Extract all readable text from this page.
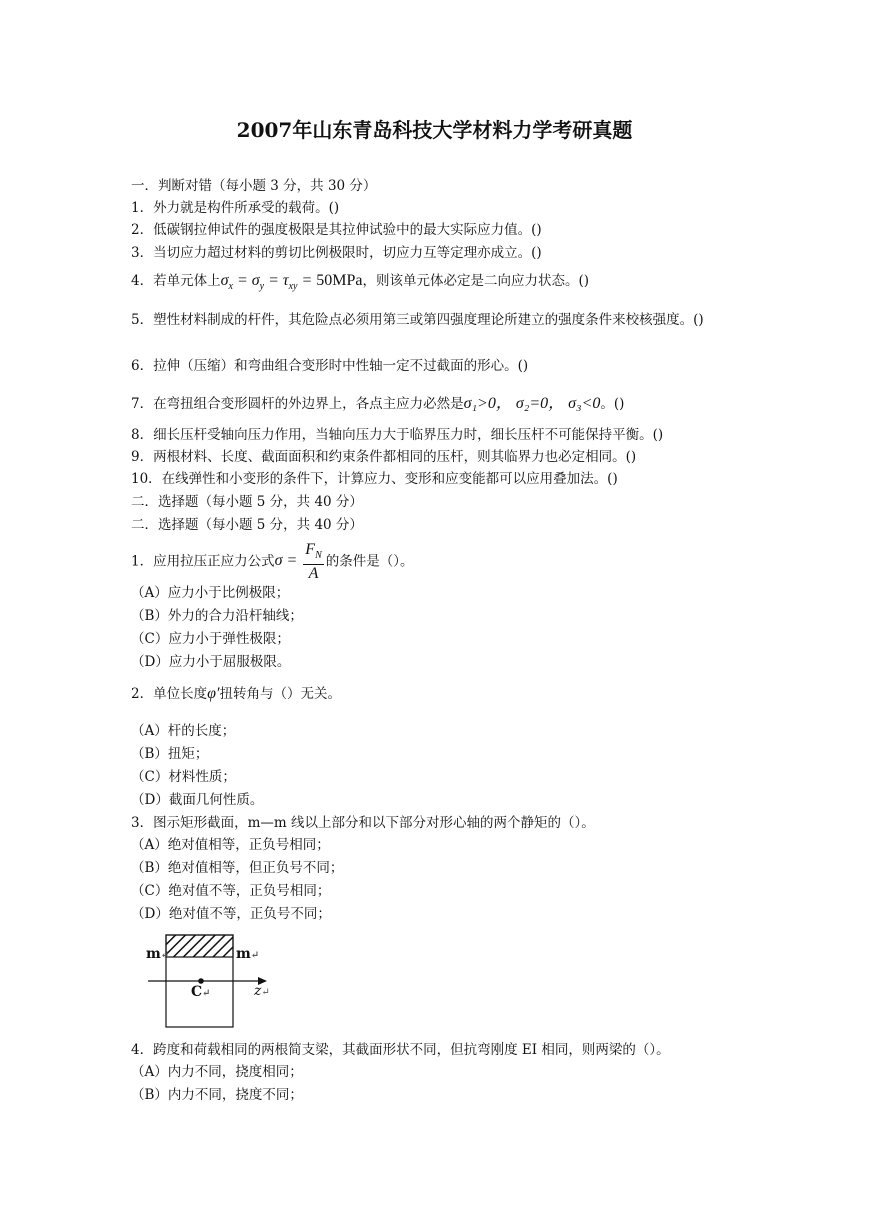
2007年山东青岛科技大学材料力学考研真题
一．判断对错（每小题 3 分，共 30 分）
1．外力就是构件所承受的载荷。()
2．低碳钢拉伸试件的强度极限是其拉伸试验中的最大实际应力值。()
3．当切应力超过材料的剪切比例极限时，切应力互等定理亦成立。()
4．若单元体上$\sigma_x = \sigma_y = \tau_{xy} = 50MPa$，则该单元体必定是二向应力状态。()
5．塑性材料制成的杆件，其危险点必须用第三或第四强度理论所建立的强度条件来校核强度。()
6．拉伸（压缩）和弯曲组合变形时中性轴一定不过截面的形心。()
7．在弯扭组合变形圆杆的外边界上，各点主应力必然是σ₁>0， σ₂=0， σ₃<0。()
8．细长压杆受轴向压力作用，当轴向压力大于临界压力时，细长压杆不可能保持平衡。()
9．两根材料、长度、截面面积和约束条件都相同的压杆，则其临界力也必定相同。()
10．在线弹性和小变形的条件下，计算应力、变形和应变能都可以应用叠加法。()
二．选择题（每小题 5 分，共 40 分）
二．选择题（每小题 5 分，共 40 分）
1．应用拉压正应力公式$\sigma = \frac{F_N}{A}$ 的条件是（）。
（A）应力小于比例极限；
（B）外力的合力沿杆轴线；
（C）应力小于弹性极限；
（D）应力小于屈服极限。
2．单位长度φ′扭转角与（）无关。
（A）杆的长度；
（B）扭矩；
（C）材料性质；
（D）截面几何性质。
3．图示矩形截面，m—m 线以上部分和以下部分对形心轴的两个静矩的（）。
（A）绝对值相等，正负号相同；
（B）绝对值相等，但正负号不同；
（C）绝对值不等，正负号相同；
（D）绝对值不等，正负号不同；
m↵	m↵
C↵	z↵
4．跨度和荷载相同的两根简支梁，其截面形状不同，但抗弯刚度 EI 相同，则两梁的（）。
（A）内力不同，挠度相同；
（B）内力不同，挠度不同；
